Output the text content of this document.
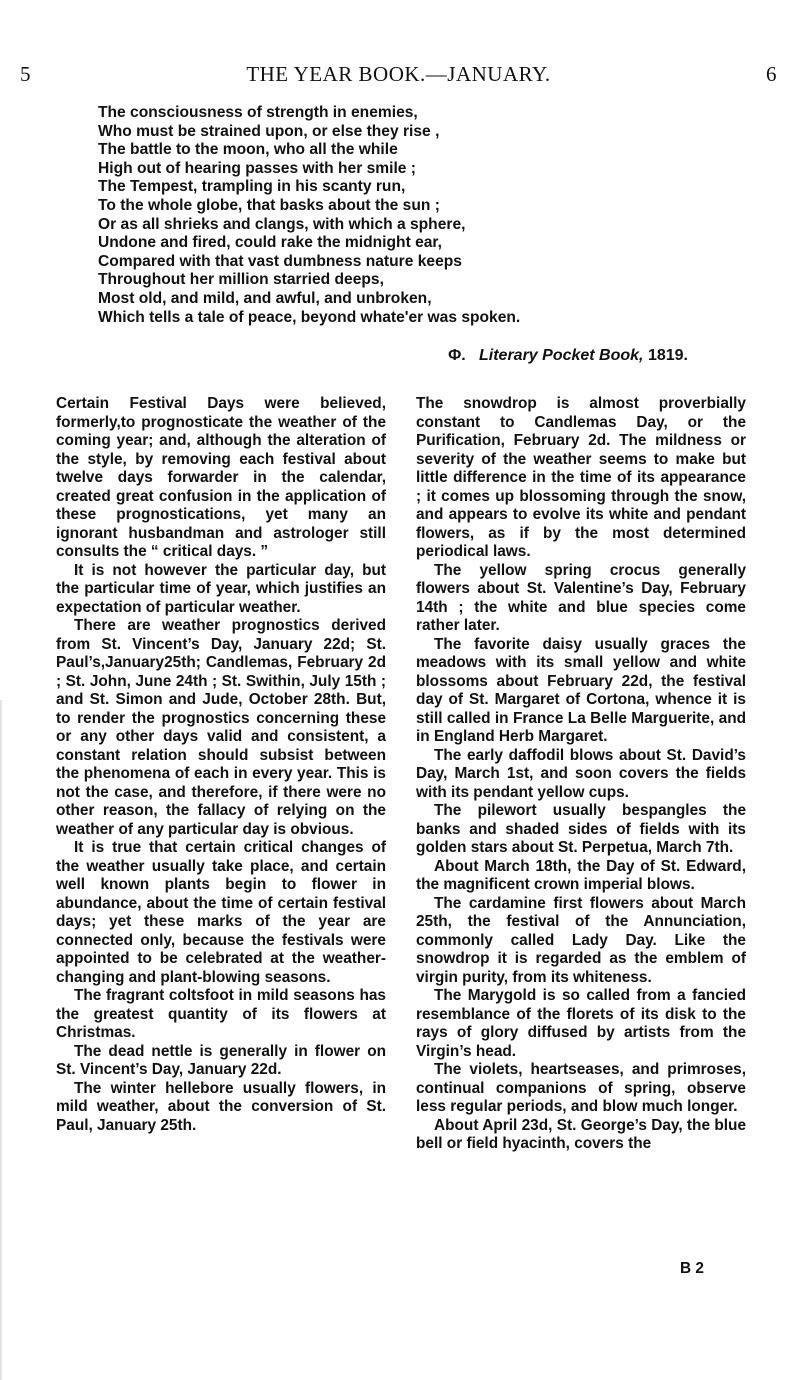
5	THE YEAR BOOK.—JANUARY.	6
The consciousness of strength in enemies,
Who must be strained upon, or else they rise ,
The battle to the moon, who all the while
High out of hearing passes with her smile ;
The Tempest, trampling in his scanty run,
To the whole globe, that basks about the sun ;
Or as all shrieks and clangs, with which a sphere,
Undone and fired, could rake the midnight ear,
Compared with that vast dumbness nature keeps
Throughout her million starried deeps,
Most old, and mild, and awful, and unbroken,
Which tells a tale of peace, beyond whate'er was spoken.
Φ. Literary Pocket Book, 1819.

Certain Festival Days were believed, formerly,to prognosticate the weather of the coming year; and, although the alteration of the style, by removing each festival about twelve days forwarder in the calendar, created great confusion in the application of these prognostications, yet many an ignorant husbandman and astrologer still consults the “ critical days. ”

It is not however the particular day, but the particular time of year, which justifies an expectation of particular weather.

There are weather prognostics derived from St. Vincent’s Day, January 22d; St. Paul’s,January25th; Candlemas, February 2d ; St. John, June 24th ; St. Swithin, July 15th ; and St. Simon and Jude, October 28th. But, to render the prognostics concerning these or any other days valid and consistent, a constant relation should subsist between the phenomena of each in every year. This is not the case, and therefore, if there were no other reason, the fallacy of relying on the weather of any particular day is obvious.

It is true that certain critical changes of the weather usually take place, and certain well known plants begin to flower in abundance, about the time of certain festival days; yet these marks of the year are connected only, because the festivals were appointed to be celebrated at the weather-changing and plant-blowing seasons.

The fragrant coltsfoot in mild seasons has the greatest quantity of its flowers at Christmas.

The dead nettle is generally in flower on St. Vincent’s Day, January 22d.

The winter hellebore usually flowers, in mild weather, about the conversion of St. Paul, January 25th.

The snowdrop is almost proverbially constant to Candlemas Day, or the Purification, February 2d. The mildness or severity of the weather seems to make but little difference in the time of its appearance ; it comes up blossoming through the snow, and appears to evolve its white and pendant flowers, as if by the most determined periodical laws.

The yellow spring crocus generally flowers about St. Valentine’s Day, February 14th ; the white and blue species come rather later.

The favorite daisy usually graces the meadows with its small yellow and white blossoms about February 22d, the festival day of St. Margaret of Cortona, whence it is still called in France La Belle Marguerite, and in England Herb Margaret.

The early daffodil blows about St. David’s Day, March 1st, and soon covers the fields with its pendant yellow cups.

The pilewort usually bespangles the banks and shaded sides of fields with its golden stars about St. Perpetua, March 7th.

About March 18th, the Day of St. Edward, the magnificent crown imperial blows.

The cardamine first flowers about March 25th, the festival of the Annunciation, commonly called Lady Day. Like the snowdrop it is regarded as the emblem of virgin purity, from its whiteness.

The Marygold is so called from a fancied resemblance of the florets of its disk to the rays of glory diffused by artists from the Virgin’s head.

The violets, heartseases, and primroses, continual companions of spring, observe less regular periods, and blow much longer.

About April 23d, St. George’s Day, the blue bell or field hyacinth, covers the

B 2
